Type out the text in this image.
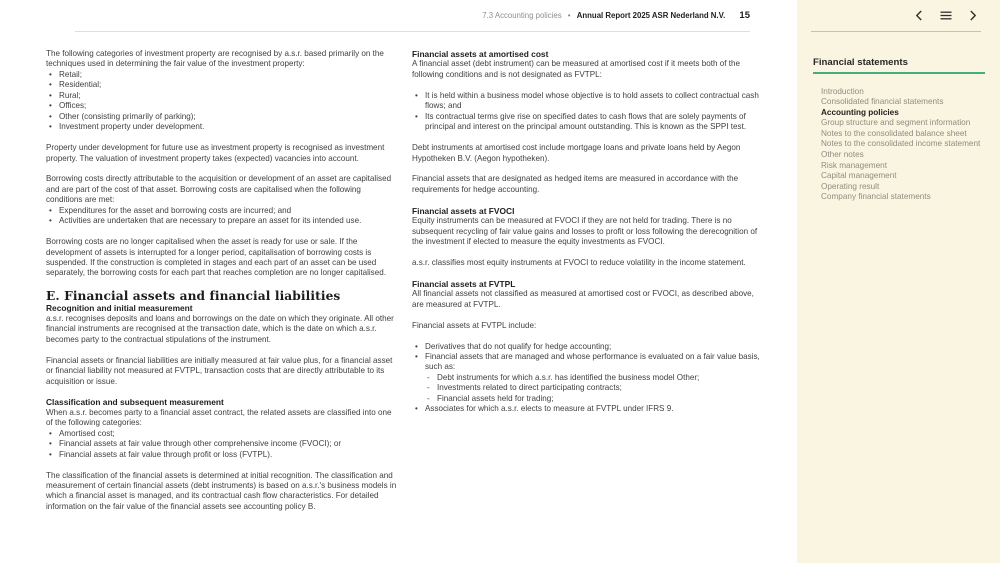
7.3 Accounting policies • Annual Report 2025 ASR Nederland N.V. 15

The following categories of investment property are recognised by a.s.r. based primarily on the techniques used in determining the fair value of the investment property:

• Retail;
• Residential;
• Rural;
• Offices;
• Other (consisting primarily of parking);
• Investment property under development.

Property under development for future use as investment property is recognised as investment property. The valuation of investment property takes (expected) vacancies into account.

Borrowing costs directly attributable to the acquisition or development of an asset are capitalised and are part of the cost of that asset. Borrowing costs are capitalised when the following conditions are met:

• Expenditures for the asset and borrowing costs are incurred; and
• Activities are undertaken that are necessary to prepare an asset for its intended use.

Borrowing costs are no longer capitalised when the asset is ready for use or sale. If the development of assets is interrupted for a longer period, capitalisation of borrowing costs is suspended. If the construction is completed in stages and each part of an asset can be used separately, the borrowing costs for each part that reaches completion are no longer capitalised.

E. Financial assets and financial liabilities
Recognition and initial measurement

a.s.r. recognises deposits and loans and borrowings on the date on which they originate. All other financial instruments are recognised at the transaction date, which is the date on which a.s.r. becomes party to the contractual stipulations of the instrument.

Financial assets or financial liabilities are initially measured at fair value plus, for a financial asset or financial liability not measured at FVTPL, transaction costs that are directly attributable to its acquisition or issue.

Classification and subsequent measurement

When a.s.r. becomes party to a financial asset contract, the related assets are classified into one of the following categories:

• Amortised cost;
• Financial assets at fair value through other comprehensive income (FVOCI); or
• Financial assets at fair value through profit or loss (FVTPL).

The classification of the financial assets is determined at initial recognition. The classification and measurement of certain financial assets (debt instruments) is based on a.s.r.'s business models in which a financial asset is managed, and its contractual cash flow characteristics. For detailed information on the fair value of the financial assets see accounting policy B.

Financial assets at amortised cost

A financial asset (debt instrument) can be measured at amortised cost if it meets both of the following conditions and is not designated as FVTPL:

• It is held within a business model whose objective is to hold assets to collect contractual cash flows; and
• Its contractual terms give rise on specified dates to cash flows that are solely payments of principal and interest on the principal amount outstanding. This is known as the SPPI test.

Debt instruments at amortised cost include mortgage loans and private loans held by Aegon Hypotheken B.V. (Aegon hypotheken).

Financial assets that are designated as hedged items are measured in accordance with the requirements for hedge accounting.

Financial assets at FVOCI

Equity instruments can be measured at FVOCI if they are not held for trading. There is no subsequent recycling of fair value gains and losses to profit or loss following the derecognition of the investment if elected to measure the equity investments as FVOCI.

a.s.r. classifies most equity instruments at FVOCI to reduce volatility in the income statement.

Financial assets at FVTPL

All financial assets not classified as measured at amortised cost or FVOCI, as described above, are measured at FVTPL.

Financial assets at FVTPL include:

• Derivatives that do not qualify for hedge accounting;
• Financial assets that are managed and whose performance is evaluated on a fair value basis, such as:
- Debt instruments for which a.s.r. has identified the business model Other;
- Investments related to direct participating contracts;
- Financial assets held for trading;
• Associates for which a.s.r. elects to measure at FVTPL under IFRS 9.
Financial statements
Introduction
Consolidated financial statements
Accounting policies
Group structure and segment information
Notes to the consolidated balance sheet
Notes to the consolidated income statement
Other notes
Risk management
Capital management
Operating result
Company financial statements
